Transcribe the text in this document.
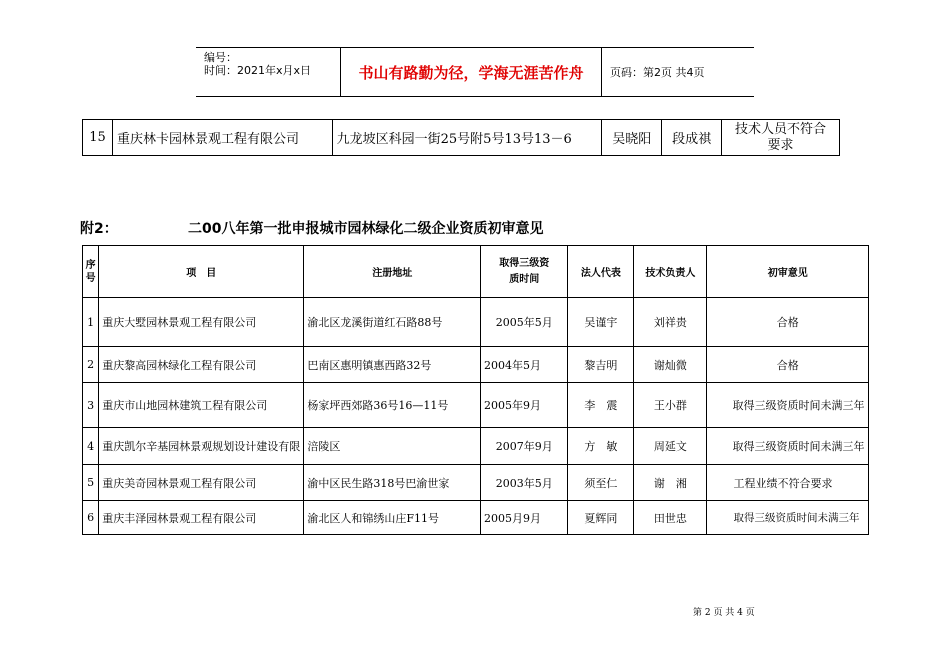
编号：
时间：2021年x月x日	书山有路勤为径，学海无涯苦作舟	页码：第2页 共4页
15	重庆林卡园林景观工程有限公司	九龙坡区科园一街25号附5号13号13－6	吴晓阳	段成祺	技术人员不符合要求
附2：	二00八年第一批申报城市园林绿化二级企业资质初审意见
序号	项　目	注册地址	取得三级资质时间	法人代表	技术负责人	初审意见
1	重庆大墅园林景观工程有限公司	渝北区龙溪街道红石路88号	2005年5月	吴谨宇	刘祥贵	合格
2	重庆黎高园林绿化工程有限公司	巴南区惠明镇惠西路32号	2004年5月	黎吉明	谢灿微	合格
3	重庆市山地园林建筑工程有限公司	杨家坪西郊路36号16—11号	2005年9月	李　震	王小群	取得三级资质时间未满三年
4	重庆凯尔辛基园林景观规划设计建设有限	涪陵区	2007年9月	方　敏	周延文	取得三级资质时间未满三年
5	重庆美奇园林景观工程有限公司	渝中区民生路318号巴渝世家	2003年5月	须至仁	谢　湘	工程业绩不符合要求
6	重庆丰泽园林景观工程有限公司	渝北区人和锦绣山庄F11号	2005月9月	夏辉同	田世忠	取得三级资质时间未满三年
第 2 页 共 4 页
